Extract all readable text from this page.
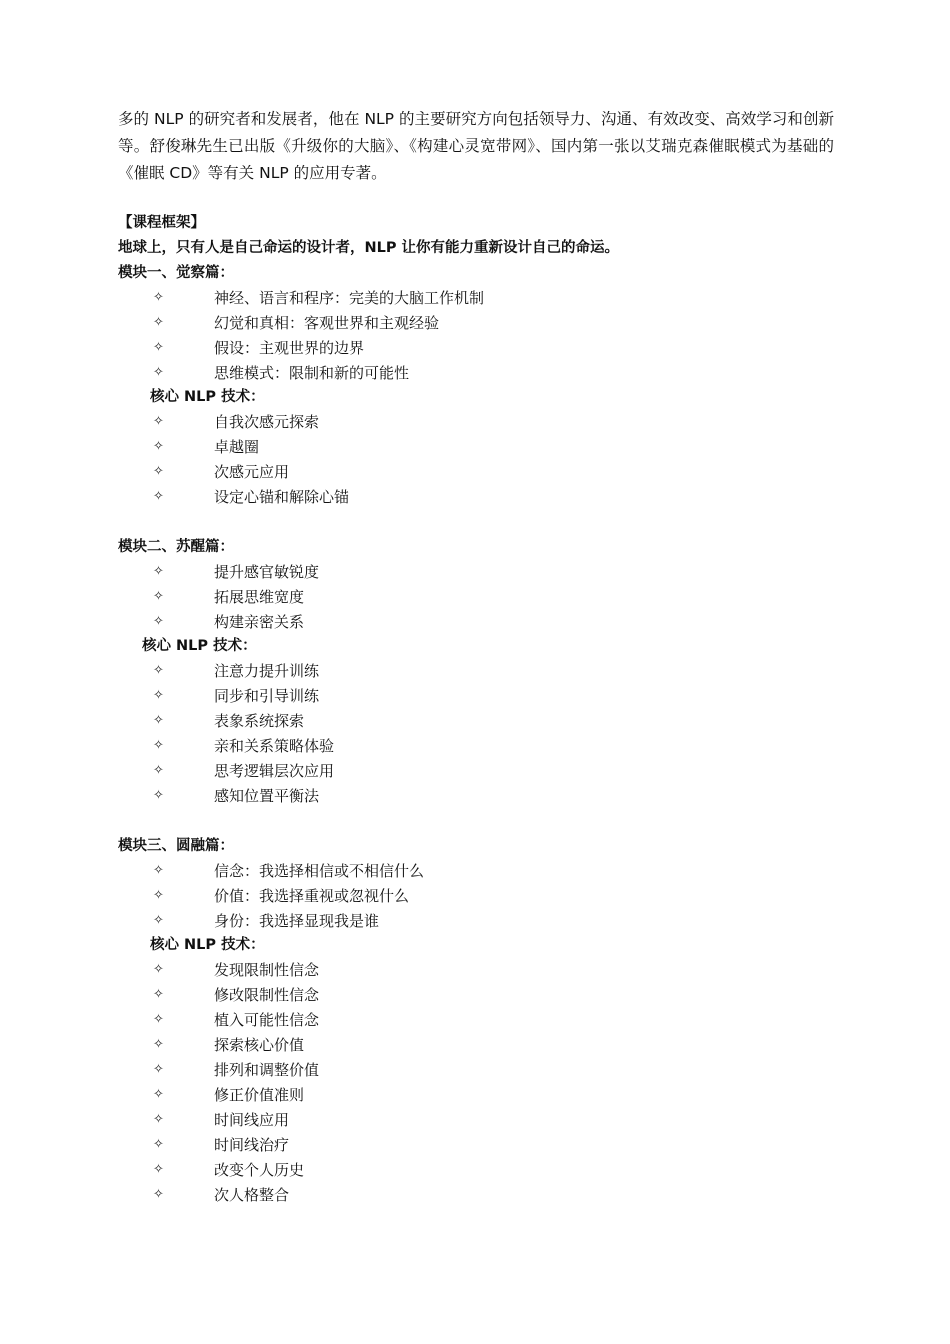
多的 NLP 的研究者和发展者，他在 NLP 的主要研究方向包括领导力、沟通、有效改变、高效学习和创新等。舒俊琳先生已出版《升级你的大脑》、《构建心灵宽带网》、国内第一张以艾瑞克森催眠模式为基础的《催眠 CD》等有关 NLP 的应用专著。

【课程框架】
地球上，只有人是自己命运的设计者，NLP 让你有能力重新设计自己的命运。
模块一、觉察篇：
✧	神经、语言和程序：完美的大脑工作机制
✧	幻觉和真相：客观世界和主观经验
✧	假设：主观世界的边界
✧	思维模式：限制和新的可能性
核心 NLP 技术：
✧	自我次感元探索
✧	卓越圈
✧	次感元应用
✧	设定心锚和解除心锚
模块二、苏醒篇：
✧	提升感官敏锐度
✧	拓展思维宽度
✧	构建亲密关系
核心 NLP 技术：
✧	注意力提升训练
✧	同步和引导训练
✧	表象系统探索
✧	亲和关系策略体验
✧	思考逻辑层次应用
✧	感知位置平衡法
模块三、圆融篇：
✧	信念：我选择相信或不相信什么
✧	价值：我选择重视或忽视什么
✧	身份：我选择显现我是谁
核心 NLP 技术：
✧	发现限制性信念
✧	修改限制性信念
✧	植入可能性信念
✧	探索核心价值
✧	排列和调整价值
✧	修正价值准则
✧	时间线应用
✧	时间线治疗
✧	改变个人历史
✧	次人格整合
